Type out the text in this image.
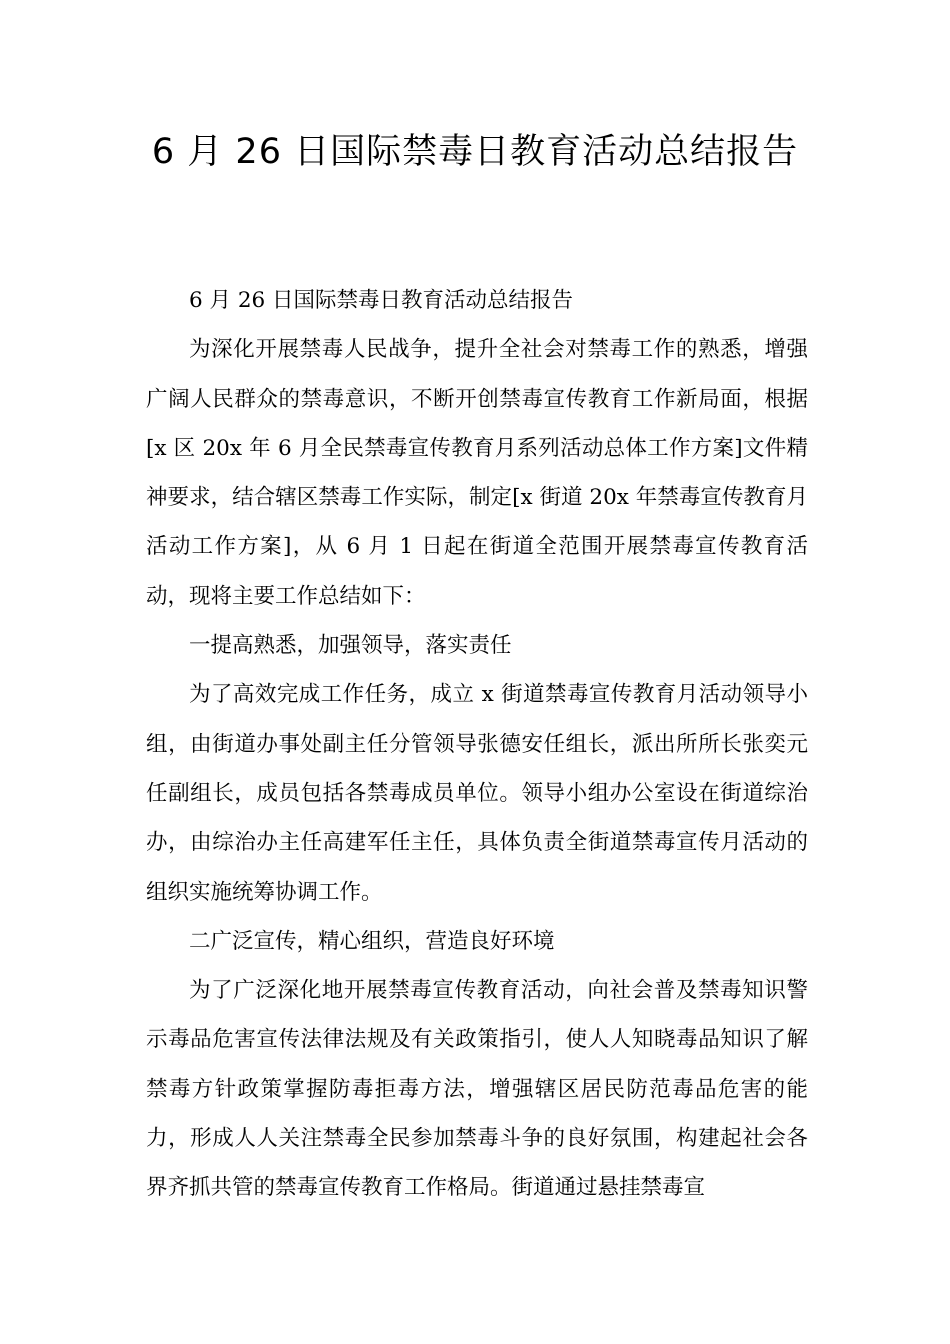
6 月 26 日国际禁毒日教育活动总结报告

6 月 26 日国际禁毒日教育活动总结报告

为深化开展禁毒人民战争，提升全社会对禁毒工作的熟悉，增强广阔人民群众的禁毒意识，不断开创禁毒宣传教育工作新局面，根据[x 区 20x 年 6 月全民禁毒宣传教育月系列活动总体工作方案]文件精神要求，结合辖区禁毒工作实际，制定[x 街道 20x 年禁毒宣传教育月活动工作方案]，从 6 月 1 日起在街道全范围开展禁毒宣传教育活动，现将主要工作总结如下：

一提高熟悉，加强领导，落实责任

为了高效完成工作任务，成立 x 街道禁毒宣传教育月活动领导小组，由街道办事处副主任分管领导张德安任组长，派出所所长张奕元任副组长，成员包括各禁毒成员单位。领导小组办公室设在街道综治办，由综治办主任高建军任主任，具体负责全街道禁毒宣传月活动的组织实施统筹协调工作。

二广泛宣传，精心组织，营造良好环境

为了广泛深化地开展禁毒宣传教育活动，向社会普及禁毒知识警示毒品危害宣传法律法规及有关政策指引，使人人知晓毒品知识了解禁毒方针政策掌握防毒拒毒方法，增强辖区居民防范毒品危害的能力，形成人人关注禁毒全民参加禁毒斗争的良好氛围，构建起社会各界齐抓共管的禁毒宣传教育工作格局。街道通过悬挂禁毒宣
